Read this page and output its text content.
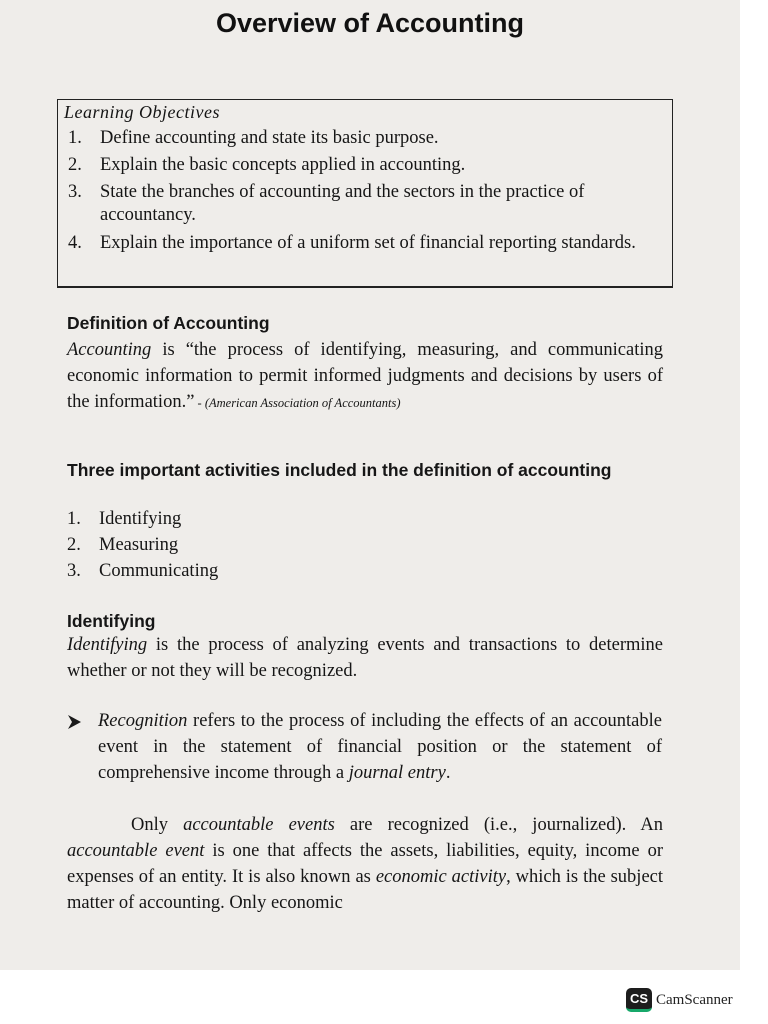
Overview of Accounting
Learning Objectives
1. Define accounting and state its basic purpose.
2. Explain the basic concepts applied in accounting.
3. State the branches of accounting and the sectors in the practice of accountancy.
4. Explain the importance of a uniform set of financial reporting standards.
Definition of Accounting
Accounting is “the process of identifying, measuring, and communicating economic information to permit informed judgments and decisions by users of the information.” - (American Association of Accountants)
Three important activities included in the definition of accounting
1. Identifying
2. Measuring
3. Communicating
Identifying
Identifying is the process of analyzing events and transactions to determine whether or not they will be recognized.
Recognition refers to the process of including the effects of an accountable event in the statement of financial position or the statement of comprehensive income through a journal entry.
Only accountable events are recognized (i.e., journalized). An accountable event is one that affects the assets, liabilities, equity, income or expenses of an entity. It is also known as economic activity, which is the subject matter of accounting. Only economic
CS CamScanner
